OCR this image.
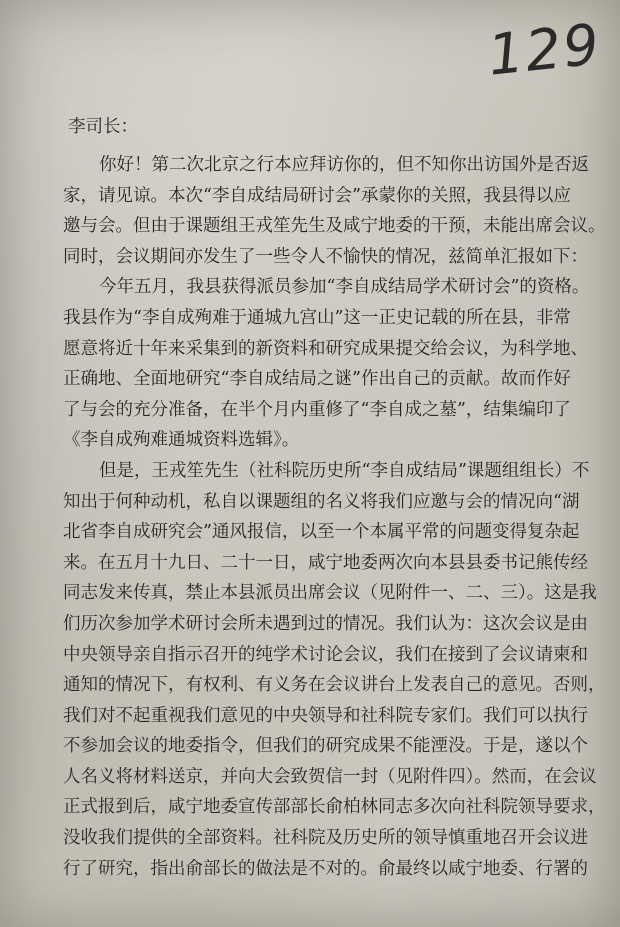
129
李司长：
你好！第二次北京之行本应拜访你的，但不知你出访国外是否返
家，请见谅。本次“李自成结局研讨会”承蒙你的关照，我县得以应
邀与会。但由于课题组王戎笙先生及咸宁地委的干预，未能出席会议。
同时，会议期间亦发生了一些令人不愉快的情况，兹简单汇报如下：
今年五月，我县获得派员参加“李自成结局学术研讨会”的资格。
我县作为“李自成殉难于通城九宫山”这一正史记载的所在县，非常
愿意将近十年来采集到的新资料和研究成果提交给会议，为科学地、
正确地、全面地研究“李自成结局之谜”作出自己的贡献。故而作好
了与会的充分准备，在半个月内重修了“李自成之墓”，结集编印了
《李自成殉难通城资料选辑》。
但是，王戎笙先生（社科院历史所“李自成结局”课题组组长）不
知出于何种动机，私自以课题组的名义将我们应邀与会的情况向“湖
北省李自成研究会”通风报信，以至一个本属平常的问题变得复杂起
来。在五月十九日、二十一日，咸宁地委两次向本县县委书记熊传经
同志发来传真，禁止本县派员出席会议（见附件一、二、三）。这是我
们历次参加学术研讨会所未遇到过的情况。我们认为：这次会议是由
中央领导亲自指示召开的纯学术讨论会议，我们在接到了会议请柬和
通知的情况下，有权利、有义务在会议讲台上发表自己的意见。否则，
我们对不起重视我们意见的中央领导和社科院专家们。我们可以执行
不参加会议的地委指令，但我们的研究成果不能湮没。于是，遂以个
人名义将材料送京，并向大会致贺信一封（见附件四）。然而，在会议
正式报到后，咸宁地委宣传部部长俞柏林同志多次向社科院领导要求，
没收我们提供的全部资料。社科院及历史所的领导慎重地召开会议进
行了研究，指出俞部长的做法是不对的。俞最终以咸宁地委、行署的
